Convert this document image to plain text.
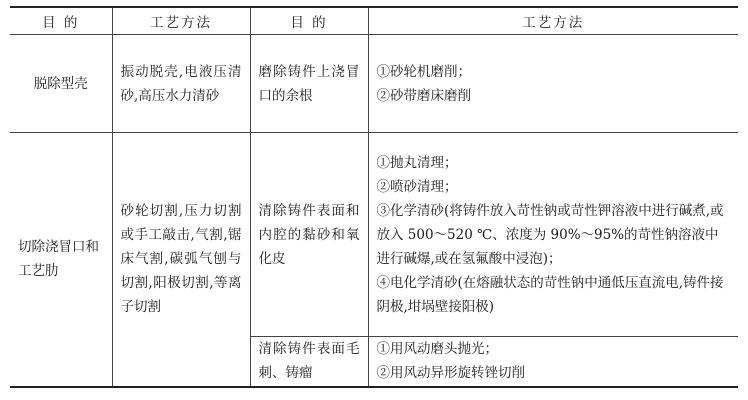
目 的	工艺方法	目 的	工艺方法
脱除型壳	振动脱壳,电液压清砂,高压水力清砂	磨除铸件上浇冒口的余根	①砂轮机磨削；
②砂带磨床磨削

切除浇冒口和工艺肋	砂轮切割,压力切割或手工敲击,气割,锯床气割,碳弧气刨与切割,阳极切割,等离子切割	清除铸件表面和内腔的黏砂和氧化皮	①抛丸清理；
②喷砂清理；
③化学清砂(将铸件放入苛性钠或苛性钾溶液中进行碱煮,或放入 500～520 ℃、浓度为 90%～95%的苛性钠溶液中进行碱爆,或在氢氟酸中浸泡)；
④电化学清砂(在熔融状态的苛性钠中通低压直流电,铸件接阴极,坩埚壁接阳极)

		清除铸件表面毛刺、铸瘤	①用风动磨头抛光；
②用风动异形旋转锉切削
